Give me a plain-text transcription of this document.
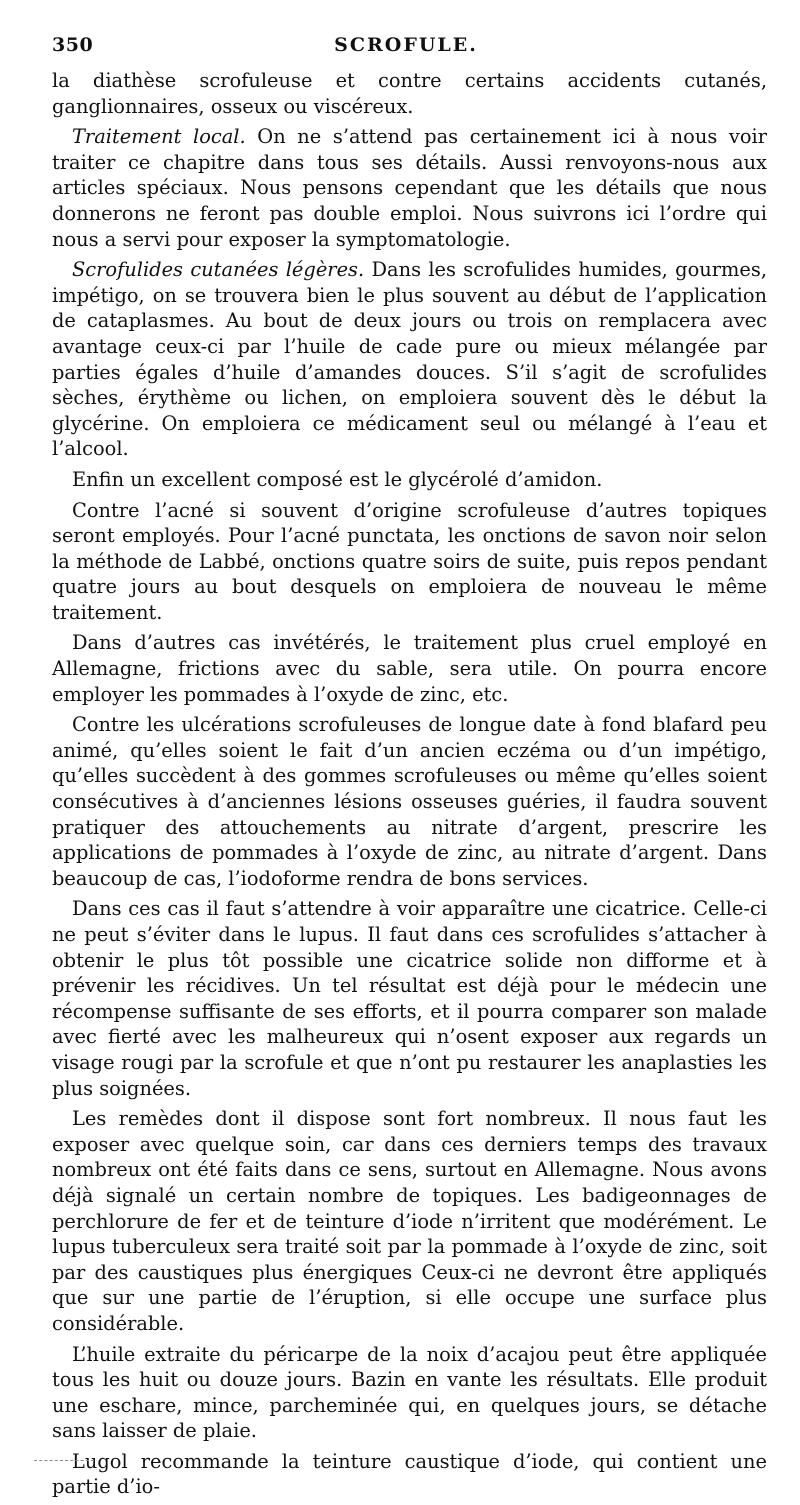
350	SCROFULE.

la diathèse scrofuleuse et contre certains accidents cutanés, ganglionnaires, osseux ou viscéreux.

Traitement local. On ne s’attend pas certainement ici à nous voir traiter ce chapitre dans tous ses détails. Aussi renvoyons-nous aux articles spéciaux. Nous pensons cependant que les détails que nous donnerons ne feront pas double emploi. Nous suivrons ici l’ordre qui nous a servi pour exposer la symptomatologie.

Scrofulides cutanées légères. Dans les scrofulides humides, gourmes, impétigo, on se trouvera bien le plus souvent au début de l’application de cataplasmes. Au bout de deux jours ou trois on remplacera avec avantage ceux-ci par l’huile de cade pure ou mieux mélangée par parties égales d’huile d’amandes douces. S’il s’agit de scrofulides sèches, érythème ou lichen, on emploiera souvent dès le début la glycérine. On emploiera ce médicament seul ou mélangé à l’eau et l’alcool.

Enfin un excellent composé est le glycérolé d’amidon.

Contre l’acné si souvent d’origine scrofuleuse d’autres topiques seront employés. Pour l’acné punctata, les onctions de savon noir selon la méthode de Labbé, onctions quatre soirs de suite, puis repos pendant quatre jours au bout desquels on emploiera de nouveau le même traitement.

Dans d’autres cas invétérés, le traitement plus cruel employé en Allemagne, frictions avec du sable, sera utile. On pourra encore employer les pommades à l’oxyde de zinc, etc.

Contre les ulcérations scrofuleuses de longue date à fond blafard peu animé, qu’elles soient le fait d’un ancien eczéma ou d’un impétigo, qu’elles succèdent à des gommes scrofuleuses ou même qu’elles soient consécutives à d’anciennes lésions osseuses guéries, il faudra souvent pratiquer des attouchements au nitrate d’argent, prescrire les applications de pommades à l’oxyde de zinc, au nitrate d’argent. Dans beaucoup de cas, l’iodoforme rendra de bons services.

Dans ces cas il faut s’attendre à voir apparaître une cicatrice. Celle-ci ne peut s’éviter dans le lupus. Il faut dans ces scrofulides s’attacher à obtenir le plus tôt possible une cicatrice solide non difforme et à prévenir les récidives. Un tel résultat est déjà pour le médecin une récompense suffisante de ses efforts, et il pourra comparer son malade avec fierté avec les malheureux qui n’osent exposer aux regards un visage rougi par la scrofule et que n’ont pu restaurer les anaplasties les plus soignées.

Les remèdes dont il dispose sont fort nombreux. Il nous faut les exposer avec quelque soin, car dans ces derniers temps des travaux nombreux ont été faits dans ce sens, surtout en Allemagne. Nous avons déjà signalé un certain nombre de topiques. Les badigeonnages de perchlorure de fer et de teinture d’iode n’irritent que modérément. Le lupus tuberculeux sera traité soit par la pommade à l’oxyde de zinc, soit par des caustiques plus énergiques Ceux-ci ne devront être appliqués que sur une partie de l’éruption, si elle occupe une surface plus considérable.

L’huile extraite du péricarpe de la noix d’acajou peut être appliquée tous les huit ou douze jours. Bazin en vante les résultats. Elle produit une eschare, mince, parcheminée qui, en quelques jours, se détache sans laisser de plaie.

Lugol recommande la teinture caustique d’iode, qui contient une partie d’io-
